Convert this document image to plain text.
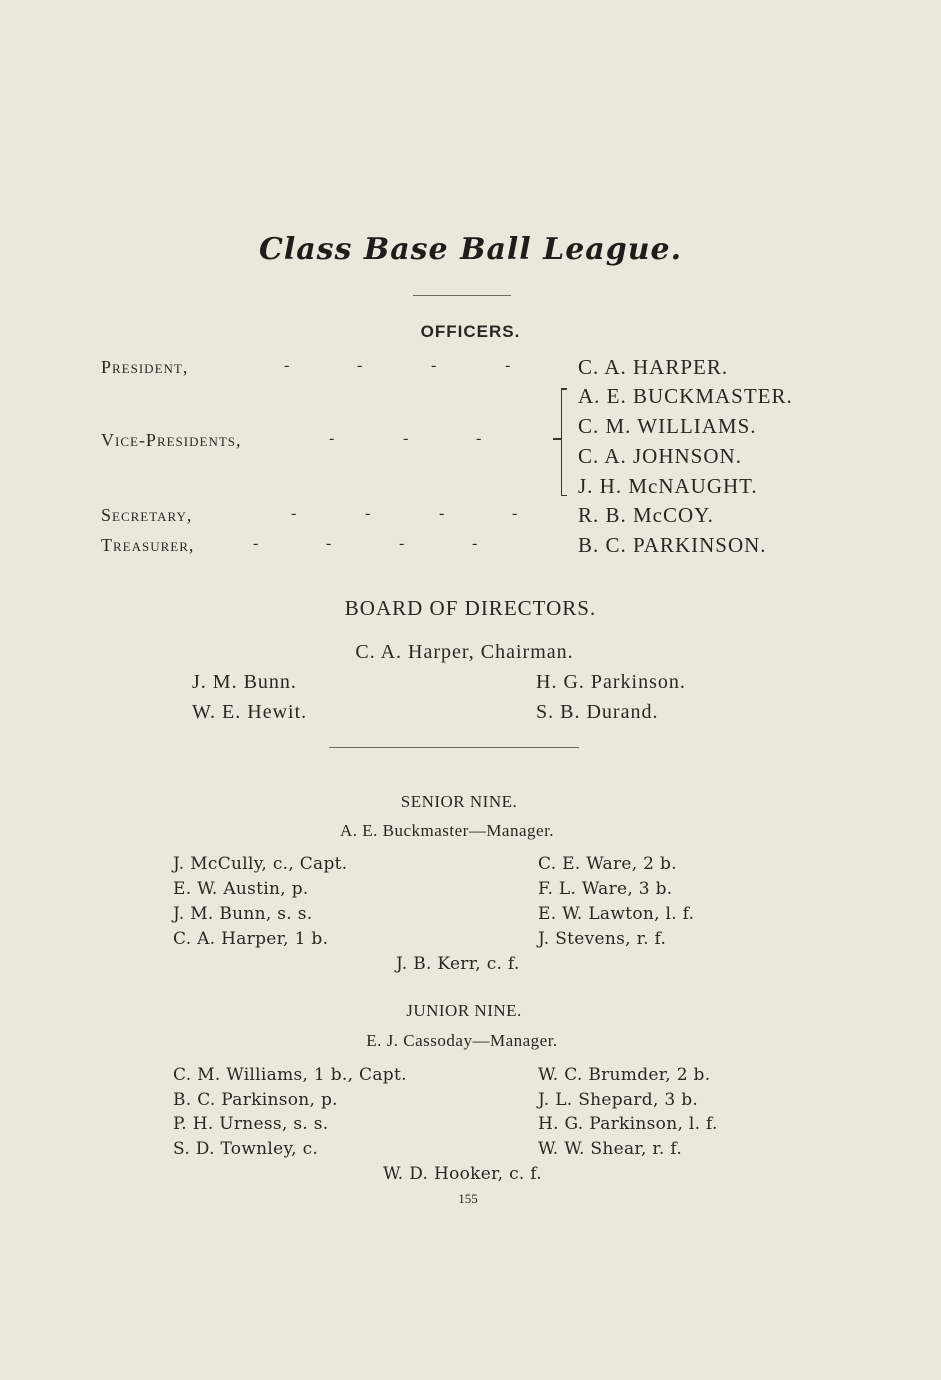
Class Base Ball League.
OFFICERS.
President,	-	-	-	-	C. A. HARPER.
Vice-Presidents,	-	-	-
A. E. BUCKMASTER.
C. M. WILLIAMS.
C. A. JOHNSON.
J. H. McNAUGHT.
Secretary,	-	-	-	-	R. B. McCOY.
Treasurer,	-	-	-	-	B. C. PARKINSON.
BOARD OF DIRECTORS.
C. A. Harper, Chairman.
J. M. Bunn.	H. G. Parkinson.
W. E. Hewit.	S. B. Durand.
SENIOR NINE.
A. E. Buckmaster—Manager.
J. McCully, c., Capt.	C. E. Ware, 2 b.
E. W. Austin, p.	F. L. Ware, 3 b.
J. M. Bunn, s. s.	E. W. Lawton, l. f.
C. A. Harper, 1 b.	J. Stevens, r. f.
J. B. Kerr, c. f.
JUNIOR NINE.
E. J. Cassoday—Manager.
C. M. Williams, 1 b., Capt.	W. C. Brumder, 2 b.
B. C. Parkinson, p.	J. L. Shepard, 3 b.
P. H. Urness, s. s.	H. G. Parkinson, l. f.
S. D. Townley, c.	W. W. Shear, r. f.
W. D. Hooker, c. f.
155
